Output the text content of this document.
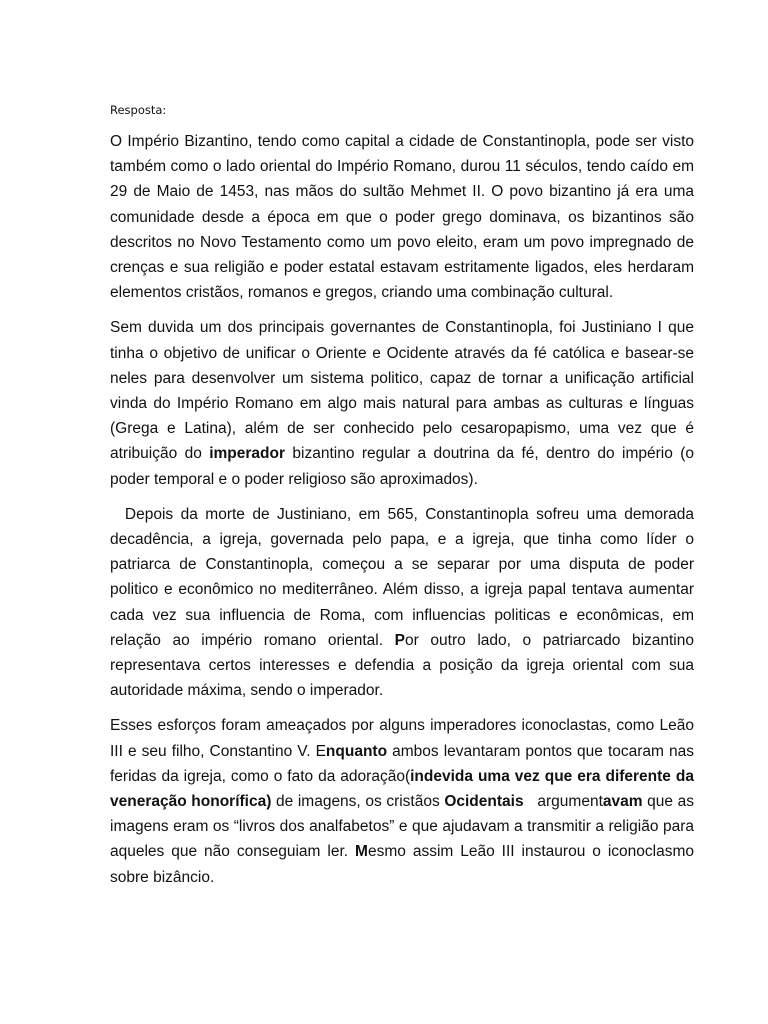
Resposta:

O Império Bizantino, tendo como capital a cidade de Constantinopla, pode ser visto também como o lado oriental do Império Romano, durou 11 séculos, tendo caído em 29 de Maio de 1453, nas mãos do sultão Mehmet II. O povo bizantino já era uma comunidade desde a época em que o poder grego dominava, os bizantinos são descritos no Novo Testamento como um povo eleito, eram um povo impregnado de crenças e sua religião e poder estatal estavam estritamente ligados, eles herdaram elementos cristãos, romanos e gregos, criando uma combinação cultural.

Sem duvida um dos principais governantes de Constantinopla, foi Justiniano I que tinha o objetivo de unificar o Oriente e Ocidente através da fé católica e basear-se neles para desenvolver um sistema politico, capaz de tornar a unificação artificial vinda do Império Romano em algo mais natural para ambas as culturas e línguas (Grega e Latina), além de ser conhecido pelo cesaropapismo, uma vez que é atribuição do imperador bizantino regular a doutrina da fé, dentro do império (o poder temporal e o poder religioso são aproximados).

Depois da morte de Justiniano, em 565, Constantinopla sofreu uma demorada decadência, a igreja, governada pelo papa, e a igreja, que tinha como líder o patriarca de Constantinopla, começou a se separar por uma disputa de poder politico e econômico no mediterrâneo. Além disso, a igreja papal tentava aumentar cada vez sua influencia de Roma, com influencias politicas e econômicas, em relação ao império romano oriental. Por outro lado, o patriarcado bizantino representava certos interesses e defendia a posição da igreja oriental com sua autoridade máxima, sendo o imperador.

Esses esforços foram ameaçados por alguns imperadores iconoclastas, como Leão III e seu filho, Constantino V. Enquanto ambos levantaram pontos que tocaram nas feridas da igreja, como o fato da adoração(indevida uma vez que era diferente da veneração honorífica) de imagens, os cristãos Ocidentais   argumentavam que as imagens eram os “livros dos analfabetos” e que ajudavam a transmitir a religião para aqueles que não conseguiam ler. Mesmo assim Leão III instaurou o iconoclasmo sobre bizâncio.
